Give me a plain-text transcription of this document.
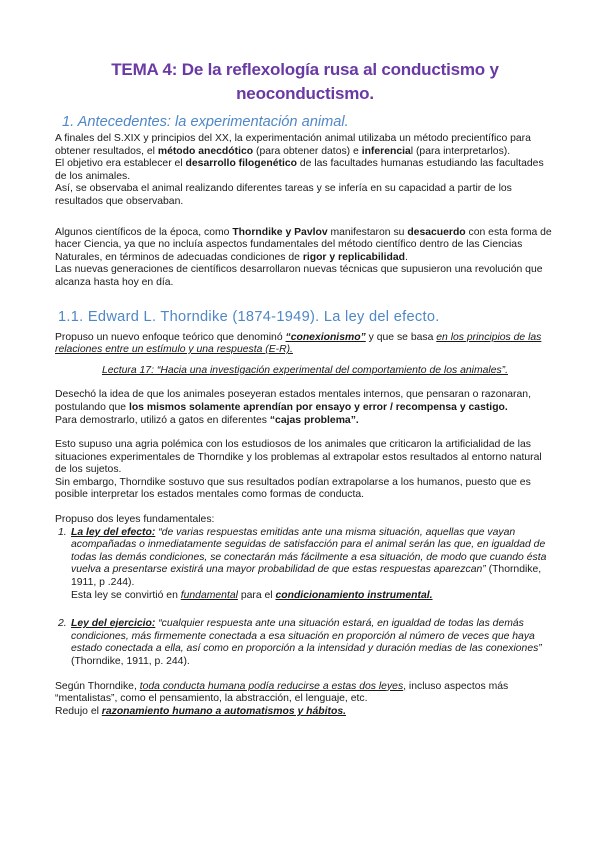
TEMA 4: De la reflexología rusa al conductismo y neoconductismo.
1. Antecedentes: la experimentación animal.

A finales del S.XIX y principios del XX, la experimentación animal utilizaba un método precientífico para obtener resultados, el método anecdótico (para obtener datos) e inferencial (para interpretarlos).

El objetivo era establecer el desarrollo filogenético de las facultades humanas estudiando las facultades de los animales.

Así, se observaba el animal realizando diferentes tareas y se infería en su capacidad a partir de los resultados que observaban.

Algunos científicos de la época, como Thorndike y Pavlov manifestaron su desacuerdo con esta forma de hacer Ciencia, ya que no incluía aspectos fundamentales del método científico dentro de las Ciencias Naturales, en términos de adecuadas condiciones de rigor y replicabilidad.

Las nuevas generaciones de científicos desarrollaron nuevas técnicas que supusieron una revolución que alcanza hasta hoy en día.

1.1. Edward L. Thorndike (1874-1949). La ley del efecto.

Propuso un nuevo enfoque teórico que denominó “conexionismo” y que se basa en los principios de las relaciones entre un estímulo y una respuesta (E-R).

Lectura 17: “Hacia una investigación experimental del comportamiento de los animales”.

Desechó la idea de que los animales poseyeran estados mentales internos, que pensaran o razonaran, postulando que los mismos solamente aprendían por ensayo y error / recompensa y castigo.

Para demostrarlo, utilizó a gatos en diferentes “cajas problema”.

Esto supuso una agria polémica con los estudiosos de los animales que criticaron la artificialidad de las situaciones experimentales de Thorndike y los problemas al extrapolar estos resultados al entorno natural de los sujetos.

Sin embargo, Thorndike sostuvo que sus resultados podían extrapolarse a los humanos, puesto que es posible interpretar los estados mentales como formas de conducta.

Propuso dos leyes fundamentales:

1. La ley del efecto: “de varias respuestas emitidas ante una misma situación, aquellas que vayan acompañadas o inmediatamente seguidas de satisfacción para el animal serán las que, en igualdad de todas las demás condiciones, se conectarán más fácilmente a esa situación, de modo que cuando ésta vuelva a presentarse existirá una mayor probabilidad de que estas respuestas aparezcan” (Thorndike, 1911, p .244).
Esta ley se convirtió en fundamental para el condicionamiento instrumental.
2. Ley del ejercicio: “cualquier respuesta ante una situación estará, en igualdad de todas las demás condiciones, más firmemente conectada a esa situación en proporción al número de veces que haya estado conectada a ella, así como en proporción a la intensidad y duración medias de las conexiones” (Thorndike, 1911, p. 244).

Según Thorndike, toda conducta humana podía reducirse a estas dos leyes, incluso aspectos más “mentalistas”, como el pensamiento, la abstracción, el lenguaje, etc.

Redujo el razonamiento humano a automatismos y hábitos.
